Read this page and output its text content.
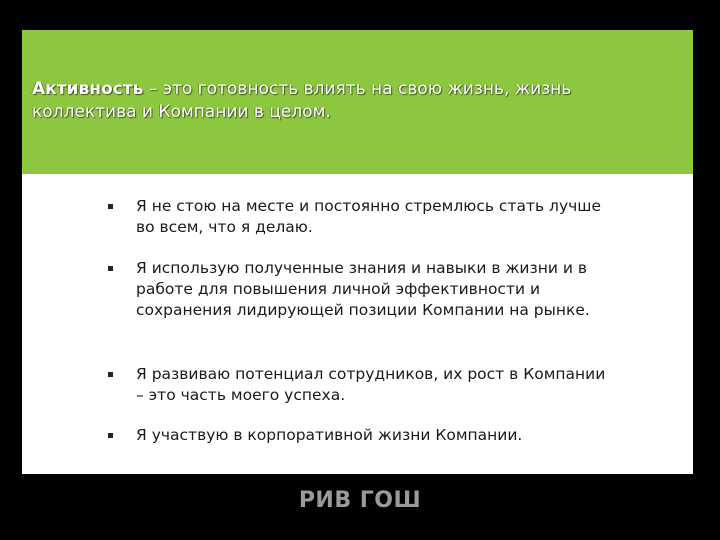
Активность – это готовность влиять на свою жизнь, жизнь коллектива и Компании в целом.

Я не стою на месте и постоянно стремлюсь стать лучше во всем, что я делаю.
Я использую полученные знания и навыки в жизни и в работе для повышения личной эффективности и сохранения лидирующей позиции Компании на рынке.
Я развиваю потенциал сотрудников, их рост в Компании – это часть моего успеха.
Я участвую в корпоративной жизни Компании.
РИВ ГОШ
